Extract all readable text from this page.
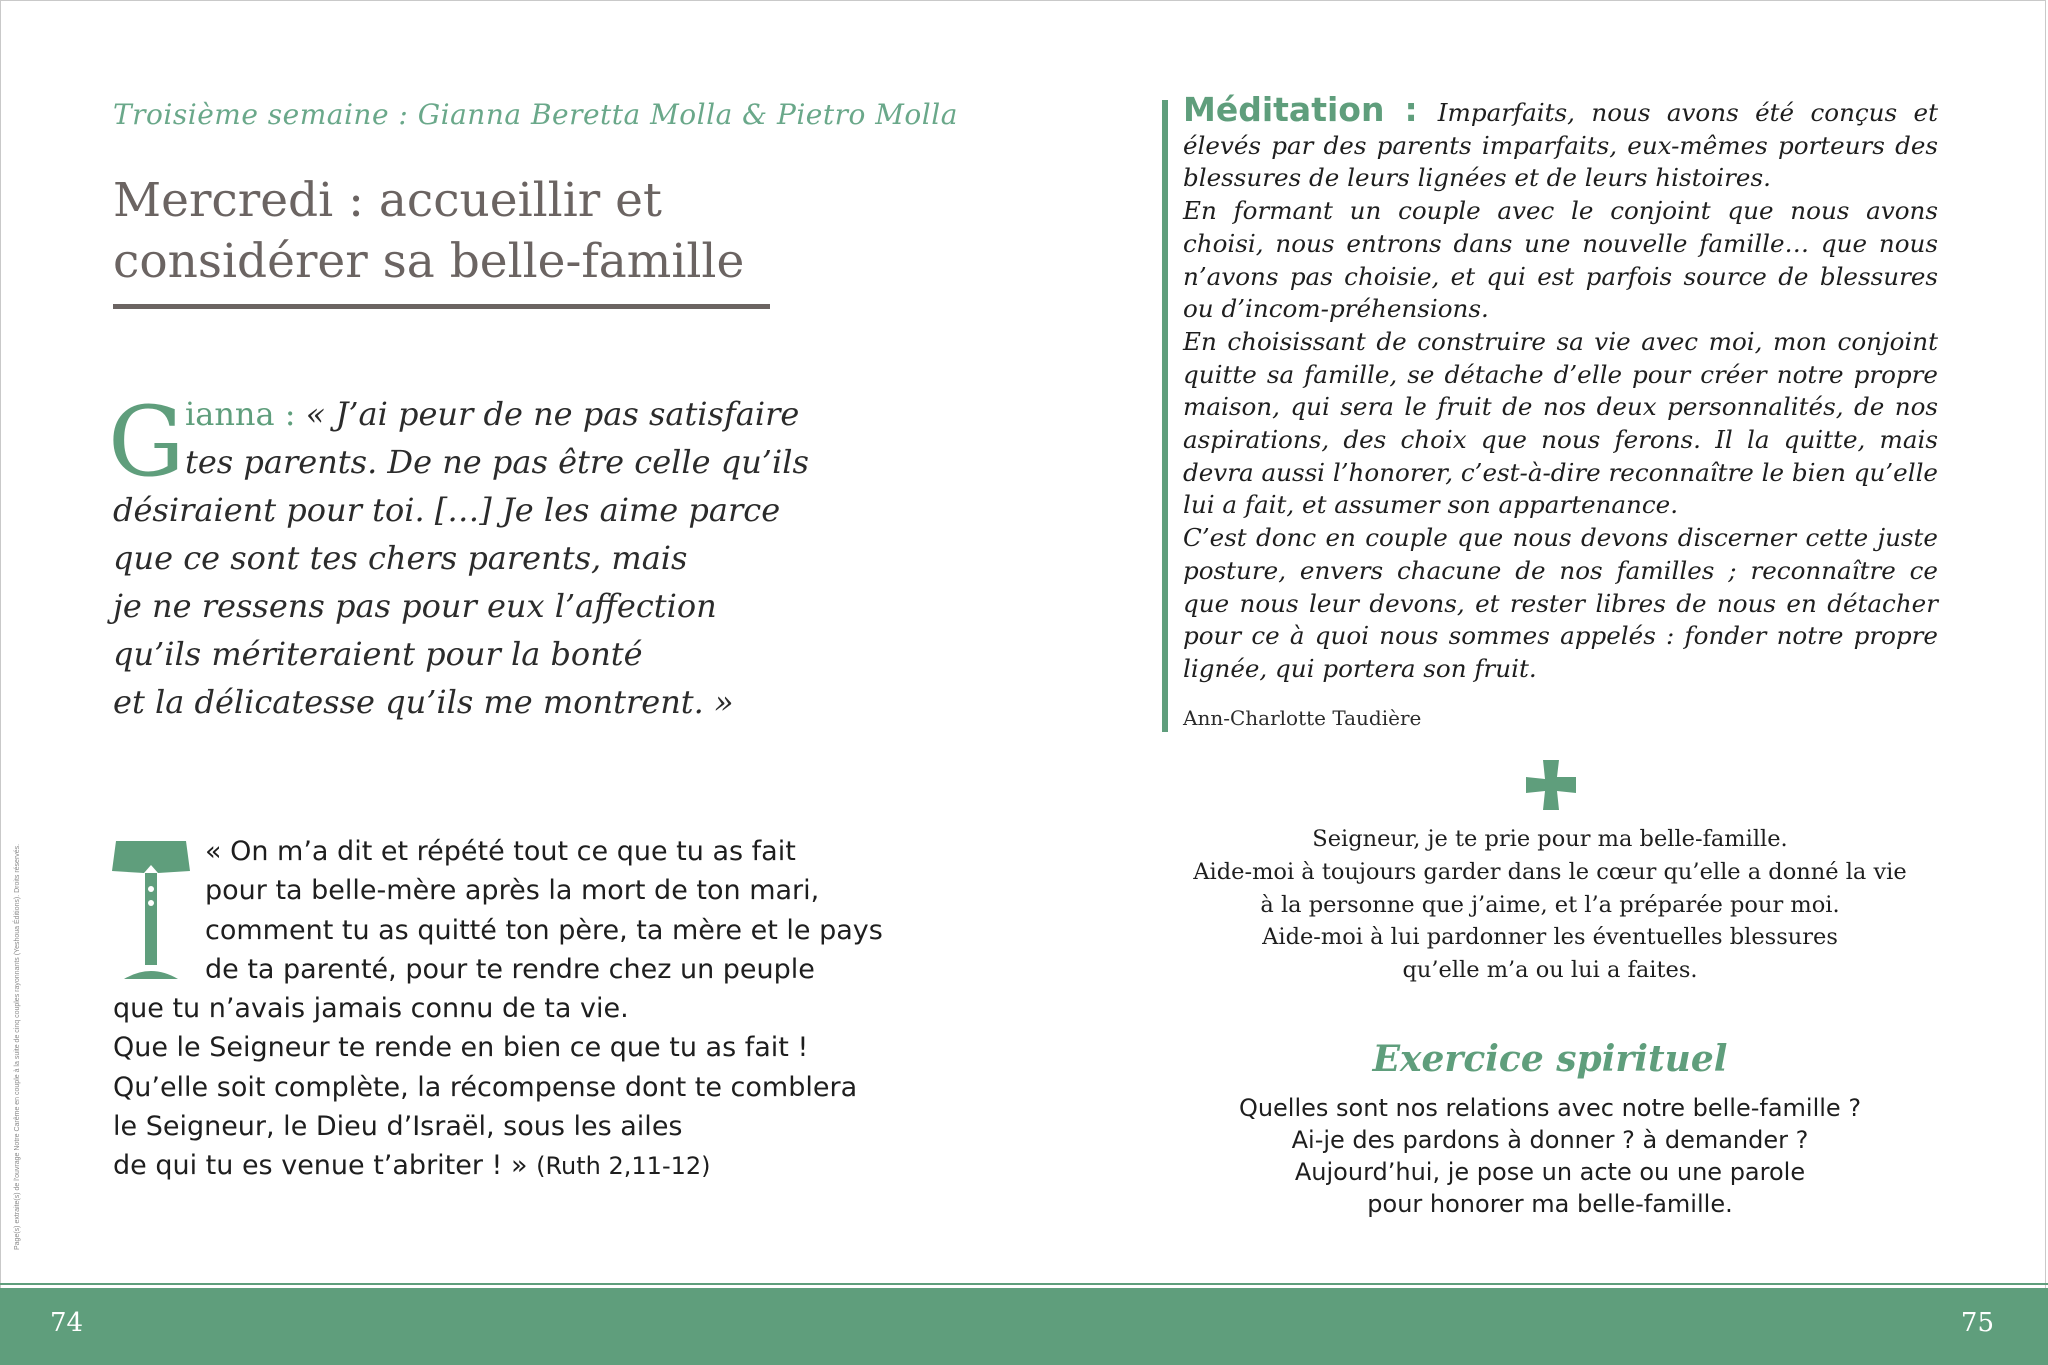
Page(s) extraite(s) de l'ouvrage Notre Carême en couple à la suite de cinq couples rayonnants (Yeshoua Éditions). Droits réservés.
Troisième semaine : Gianna Beretta Molla & Pietro Molla
Mercredi : accueillir et
considérer sa belle-famille
G ianna : « J’ai peur de ne pas satisfaire
tes parents. De ne pas être celle qu’ils
désiraient pour toi. […] Je les aime parce
que ce sont tes chers parents, mais
je ne ressens pas pour eux l’affection
qu’ils mériteraient pour la bonté
et la délicatesse qu’ils me montrent. »
« On m’a dit et répété tout ce que tu as fait
pour ta belle-mère après la mort de ton mari,
comment tu as quitté ton père, ta mère et le pays
de ta parenté, pour te rendre chez un peuple
que tu n’avais jamais connu de ta vie.
Que le Seigneur te rende en bien ce que tu as fait !
Qu’elle soit complète, la récompense dont te comblera
le Seigneur, le Dieu d’Israël, sous les ailes
de qui tu es venue t’abriter ! » (Ruth 2,11-12)

Méditation : Imparfaits, nous avons été conçus et élevés par des parents imparfaits, eux-mêmes porteurs des blessures de leurs lignées et de leurs histoires.

En formant un couple avec le conjoint que nous avons choisi, nous entrons dans une nouvelle famille… que nous n’avons pas choisie, et qui est parfois source de blessures ou d’incom-préhensions.

En choisissant de construire sa vie avec moi, mon conjoint quitte sa famille, se détache d’elle pour créer notre propre maison, qui sera le fruit de nos deux personnalités, de nos aspirations, des choix que nous ferons. Il la quitte, mais devra aussi l’honorer, c’est-à-dire reconnaître le bien qu’elle lui a fait, et assumer son appartenance.

C’est donc en couple que nous devons discerner cette juste posture, envers chacune de nos familles ; reconnaître ce que nous leur devons, et rester libres de nous en détacher pour ce à quoi nous sommes appelés : fonder notre propre lignée, qui portera son fruit.

Ann-Charlotte Taudière
Seigneur, je te prie pour ma belle-famille.
Aide-moi à toujours garder dans le cœur qu’elle a donné la vie
à la personne que j’aime, et l’a préparée pour moi.
Aide-moi à lui pardonner les éventuelles blessures
qu’elle m’a ou lui a faites.
Exercice spirituel
Quelles sont nos relations avec notre belle-famille ?
Ai-je des pardons à donner ? à demander ?
Aujourd’hui, je pose un acte ou une parole
pour honorer ma belle-famille.
74	75
